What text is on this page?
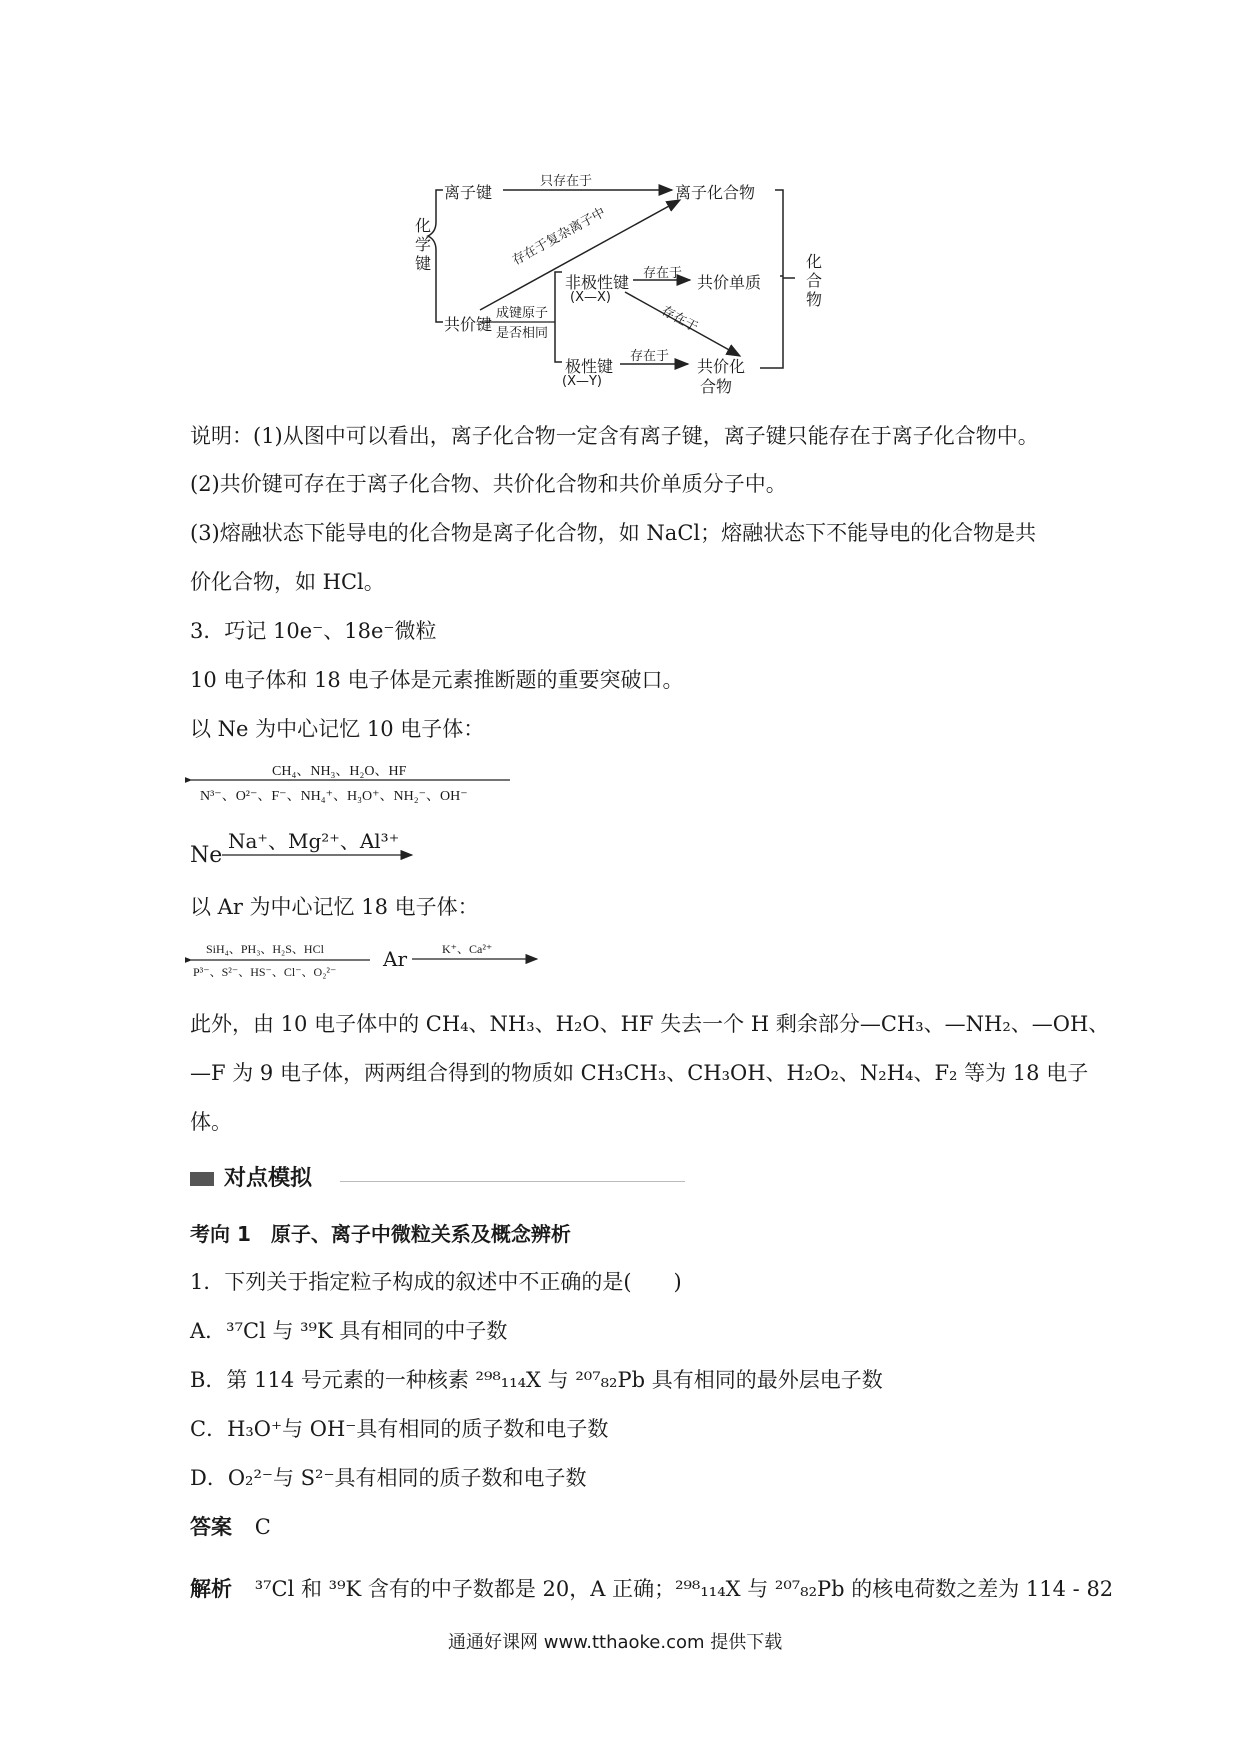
化学键
离子键
共价键
只存在于
存在于复杂离子中
离子化合物
成键原子
是否相同
非极性键
(X—X)
存在于 共价单质
存在于
极性键
(X—Y)
存在于
共价化
合物
化合物
说明：(1)从图中可以看出，离子化合物一定含有离子键，离子键只能存在于离子化合物中。
(2)共价键可存在于离子化合物、共价化合物和共价单质分子中。
(3)熔融状态下能导电的化合物是离子化合物，如 NaCl；熔融状态下不能导电的化合物是共
价化合物，如 HCl。
3．巧记 10e⁻、18e⁻微粒
10 电子体和 18 电子体是元素推断题的重要突破口。
以 Ne 为中心记忆 10 电子体：
CH₄、NH₃、H₂O、HF
N³⁻、O²⁻、F⁻、NH₄⁺、H₃O⁺、NH₂⁻、OH⁻
Ne
Na⁺、Mg²⁺、Al³⁺
以 Ar 为中心记忆 18 电子体：
SiH₄、PH₃、H₂S、HCl
P³⁻、S²⁻、HS⁻、Cl⁻、O₂²⁻
Ar	K⁺、Ca²⁺
此外，由 10 电子体中的 CH₄、NH₃、H₂O、HF 失去一个 H 剩余部分—CH₃、—NH₂、—OH、
—F 为 9 电子体，两两组合得到的物质如 CH₃CH₃、CH₃OH、H₂O₂、N₂H₄、F₂ 等为 18 电子
体。
对点模拟
考向 1　原子、离子中微粒关系及概念辨析
1．下列关于指定粒子构成的叙述中不正确的是(　　)
A．³⁷Cl 与 ³⁹K 具有相同的中子数
B．第 114 号元素的一种核素 ²⁹⁸₁₁₄X 与 ²⁰⁷₈₂Pb 具有相同的最外层电子数
C．H₃O⁺与 OH⁻具有相同的质子数和电子数
D．O₂²⁻与 S²⁻具有相同的质子数和电子数
答案 C
解析 ³⁷Cl 和 ³⁹K 含有的中子数都是 20，A 正确；²⁹⁸₁₁₄X 与 ²⁰⁷₈₂Pb 的核电荷数之差为 114 - 82
通通好课网 www.tthaoke.com 提供下载
